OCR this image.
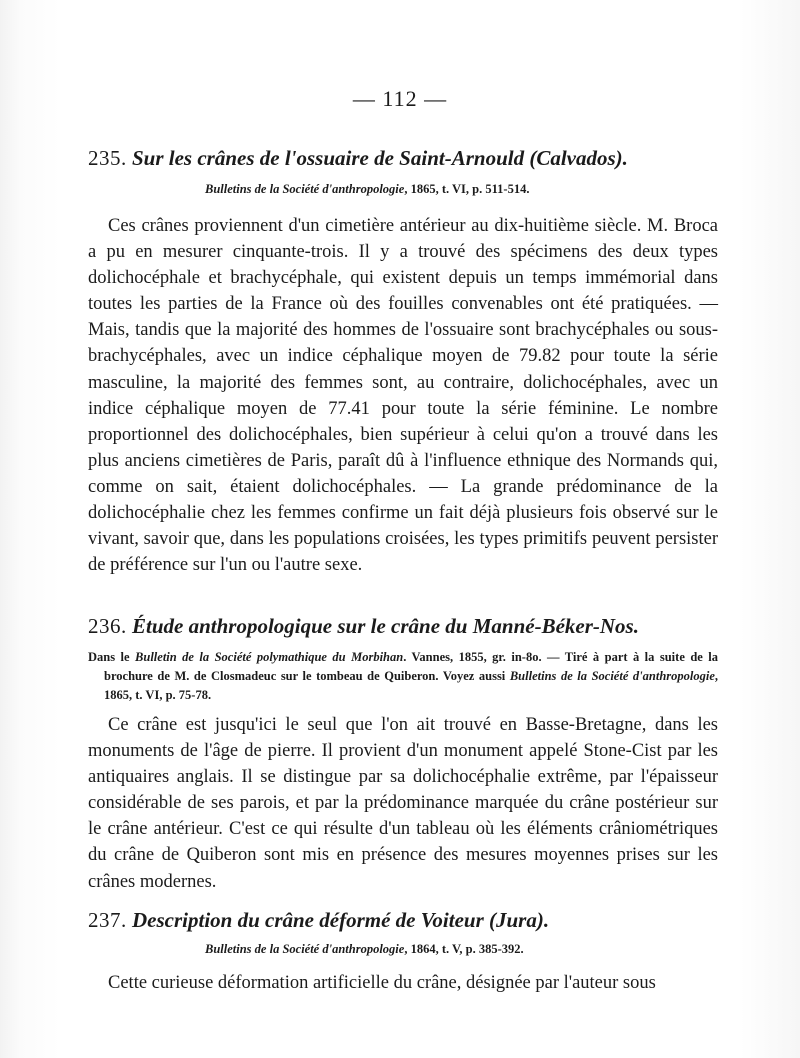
— 112 —
235. Sur les crânes de l'ossuaire de Saint-Arnould (Calvados).
Bulletins de la Société d'anthropologie, 1865, t. VI, p. 511-514.

Ces crânes proviennent d'un cimetière antérieur au dix-huitième siècle. M. Broca a pu en mesurer cinquante-trois. Il y a trouvé des spécimens des deux types dolichocéphale et brachycéphale, qui existent depuis un temps immémorial dans toutes les parties de la France où des fouilles convenables ont été pratiquées. — Mais, tandis que la majorité des hommes de l'ossuaire sont brachycéphales ou sous-brachycéphales, avec un indice céphalique moyen de 79.82 pour toute la série masculine, la majorité des femmes sont, au contraire, dolichocéphales, avec un indice céphalique moyen de 77.41 pour toute la série féminine. Le nombre proportionnel des dolichocéphales, bien supérieur à celui qu'on a trouvé dans les plus anciens cimetières de Paris, paraît dû à l'influence ethnique des Normands qui, comme on sait, étaient dolichocéphales. — La grande prédominance de la dolichocéphalie chez les femmes confirme un fait déjà plusieurs fois observé sur le vivant, savoir que, dans les populations croisées, les types primitifs peuvent persister de préférence sur l'un ou l'autre sexe.

236. Étude anthropologique sur le crâne du Manné-Béker-Nos.

Dans le Bulletin de la Société polymathique du Morbihan. Vannes, 1855, gr. in-8o. — Tiré à part à la suite de la brochure de M. de Closmadeuc sur le tombeau de Quiberon. Voyez aussi Bulletins de la Société d'anthropologie, 1865, t. VI, p. 75-78.

Ce crâne est jusqu'ici le seul que l'on ait trouvé en Basse-Bretagne, dans les monuments de l'âge de pierre. Il provient d'un monument appelé Stone-Cist par les antiquaires anglais. Il se distingue par sa dolichocéphalie extrême, par l'épaisseur considérable de ses parois, et par la prédominance marquée du crâne postérieur sur le crâne antérieur. C'est ce qui résulte d'un tableau où les éléments crâniométriques du crâne de Quiberon sont mis en présence des mesures moyennes prises sur les crânes modernes.

237. Description du crâne déformé de Voiteur (Jura).
Bulletins de la Société d'anthropologie, 1864, t. V, p. 385-392.

Cette curieuse déformation artificielle du crâne, désignée par l'auteur sous
